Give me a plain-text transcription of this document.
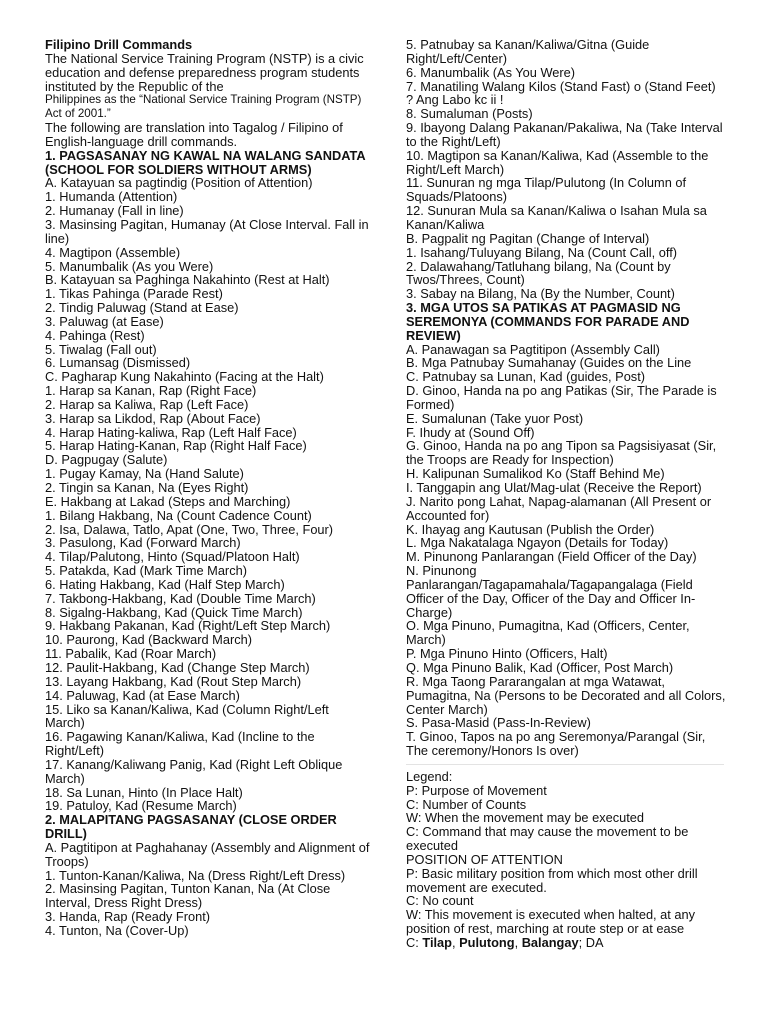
Filipino Drill Commands
The National Service Training Program (NSTP) is a civic education and defense preparedness program students instituted by the Republic of the
Philippines as the “National Service Training Program (NSTP) Act of 2001.”
The following are translation into Tagalog / Filipino of English-language drill commands.
1. PAGSASANAY NG KAWAL NA WALANG SANDATA (SCHOOL FOR SOLDIERS WITHOUT ARMS)
A. Katayuan sa pagtindig (Position of Attention)
1. Humanda (Attention)
2. Humanay (Fall in line)
3. Masinsing Pagitan, Humanay (At Close Interval. Fall in line)
4. Magtipon (Assemble)
5. Manumbalik (As you Were)
B. Katayuan sa Paghinga Nakahinto (Rest at Halt)
1. Tikas Pahinga (Parade Rest)
2. Tindig Paluwag (Stand at Ease)
3. Paluwag (at Ease)
4. Pahinga (Rest)
5. Tiwalag (Fall out)
6. Lumansag (Dismissed)
C. Pagharap Kung Nakahinto (Facing at the Halt)
1. Harap sa Kanan, Rap (Right Face)
2. Harap sa Kaliwa, Rap (Left Face)
3. Harap sa Likdod, Rap (About Face)
4. Harap Hating-kaliwa, Rap (Left Half Face)
5. Harap Hating-Kanan, Rap (Right Half Face)
D. Pagpugay (Salute)
1. Pugay Kamay, Na (Hand Salute)
2. Tingin sa Kanan, Na (Eyes Right)
E. Hakbang at Lakad (Steps and Marching)
1. Bilang Hakbang, Na (Count Cadence Count)
2. Isa, Dalawa, Tatlo, Apat (One, Two, Three, Four)
3. Pasulong, Kad (Forward March)
4. Tilap/Palutong, Hinto (Squad/Platoon Halt)
5. Patakda, Kad (Mark Time March)
6. Hating Hakbang, Kad (Half Step March)
7. Takbong-Hakbang, Kad (Double Time March)
8. Sigalng-Hakbang, Kad (Quick Time March)
9. Hakbang Pakanan, Kad (Right/Left Step March)
10. Paurong, Kad (Backward March)
11. Pabalik, Kad (Roar March)
12. Paulit-Hakbang, Kad (Change Step March)
13. Layang Hakbang, Kad (Rout Step March)
14. Paluwag, Kad (at Ease March)
15. Liko sa Kanan/Kaliwa, Kad (Column Right/Left March)
16. Pagawing Kanan/Kaliwa, Kad (Incline to the Right/Left)
17. Kanang/Kaliwang Panig, Kad (Right Left Oblique March)
18. Sa Lunan, Hinto (In Place Halt)
19. Patuloy, Kad (Resume March)
2. MALAPITANG PAGSASANAY (CLOSE ORDER DRILL)
A. Pagtitipon at Paghahanay (Assembly and Alignment of Troops)
1. Tunton-Kanan/Kaliwa, Na (Dress Right/Left Dress)
2. Masinsing Pagitan, Tunton Kanan, Na (At Close Interval, Dress Right Dress)
3. Handa, Rap (Ready Front)
4. Tunton, Na (Cover-Up)
5. Patnubay sa Kanan/Kaliwa/Gitna (Guide Right/Left/Center)
6. Manumbalik (As You Were)
7. Manatiling Walang Kilos (Stand Fast) o (Stand Feet) ? Ang Labo kc ii !
8. Sumaluman (Posts)
9. Ibayong Dalang Pakanan/Pakaliwa, Na (Take Interval to the Right/Left)
10. Magtipon sa Kanan/Kaliwa, Kad (Assemble to the Right/Left March)
11. Sunuran ng mga Tilap/Pulutong (In Column of Squads/Platoons)
12. Sunuran Mula sa Kanan/Kaliwa o Isahan Mula sa Kanan/Kaliwa
B. Pagpalit ng Pagitan (Change of Interval)
1. Isahang/Tuluyang Bilang, Na (Count Call, off)
2. Dalawahang/Tatluhang bilang, Na (Count by Twos/Threes, Count)
3. Sabay na Bilang, Na (By the Number, Count)
3. MGA UTOS SA PATIKAS AT PAGMASID NG SEREMONYA (COMMANDS FOR PARADE AND REVIEW)
A. Panawagan sa Pagtitipon (Assembly Call)
B. Mga Patnubay Sumahanay (Guides on the Line
C. Patnubay sa Lunan, Kad (guides, Post)
D. Ginoo, Handa na po ang Patikas (Sir, The Parade is Formed)
E. Sumalunan (Take yuor Post)
F. Ihudy at (Sound Off)
G. Ginoo, Handa na po ang Tipon sa Pagsisiyasat (Sir, the Troops are Ready for Inspection)
H. Kalipunan Sumalikod Ko (Staff Behind Me)
I. Tanggapin ang Ulat/Mag-ulat (Receive the Report)
J. Narito pong Lahat, Napag-alamanan (All Present or Accounted for)
K. Ihayag ang Kautusan (Publish the Order)
L. Mga Nakatalaga Ngayon (Details for Today)
M. Pinunong Panlarangan (Field Officer of the Day)
N. Pinunong Panlarangan/Tagapamahala/Tagapangalaga (Field Officer of the Day, Officer of the Day and Officer In-Charge)
O. Mga Pinuno, Pumagitna, Kad (Officers, Center, March)
P. Mga Pinuno Hinto (Officers, Halt)
Q. Mga Pinuno Balik, Kad (Officer, Post March)
R. Mga Taong Pararangalan at mga Watawat, Pumagitna, Na (Persons to be Decorated and all Colors, Center March)
S. Pasa-Masid (Pass-In-Review)
T. Ginoo, Tapos na po ang Seremonya/Parangal (Sir, The ceremony/Honors Is over)
Legend:
P: Purpose of Movement
C: Number of Counts
W: When the movement may be executed
C: Command that may cause the movement to be executed
POSITION OF ATTENTION
P: Basic military position from which most other drill movement are executed.
C: No count
W: This movement is executed when halted, at any position of rest, marching at route step or at ease
C: Tilap, Pulutong, Balangay; DA
